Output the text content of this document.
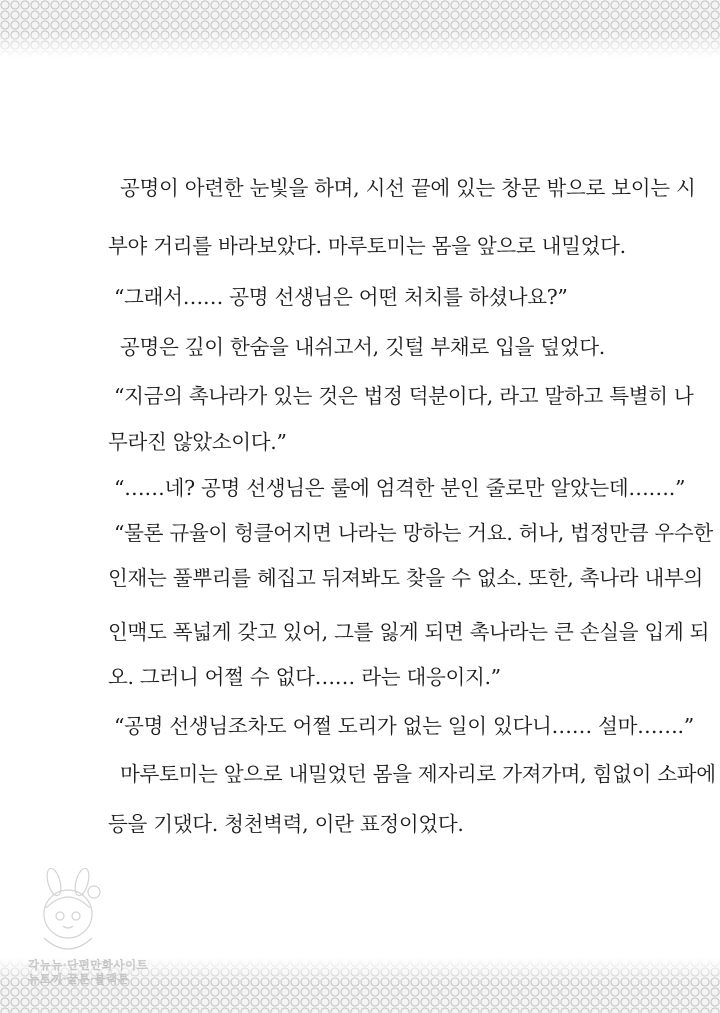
공명이 아련한 눈빛을 하며, 시선 끝에 있는 창문 밖으로 보이는 시
부야 거리를 바라보았다. 마루토미는 몸을 앞으로 내밀었다.
“그래서…… 공명 선생님은 어떤 처치를 하셨나요?”
공명은 깊이 한숨을 내쉬고서, 깃털 부채로 입을 덮었다.
“지금의 촉나라가 있는 것은 법정 덕분이다, 라고 말하고 특별히 나
무라진 않았소이다.”
“……네? 공명 선생님은 룰에 엄격한 분인 줄로만 알았는데…….”
“물론 규율이 헝클어지면 나라는 망하는 거요. 허나, 법정만큼 우수한
인재는 풀뿌리를 헤집고 뒤져봐도 찾을 수 없소. 또한, 촉나라 내부의
인맥도 폭넓게 갖고 있어, 그를 잃게 되면 촉나라는 큰 손실을 입게 되
오. 그러니 어쩔 수 없다…… 라는 대응이지.”
“공명 선생님조차도 어쩔 도리가 없는 일이 있다니…… 설마…….”
마루토미는 앞으로 내밀었던 몸을 제자리로 가져가며, 힘없이 소파에
등을 기댔다. 청천벽력, 이란 표정이었다.
각뉴뉴·단편만화사이트
뉴토끼·꿀툰·블랙툰
